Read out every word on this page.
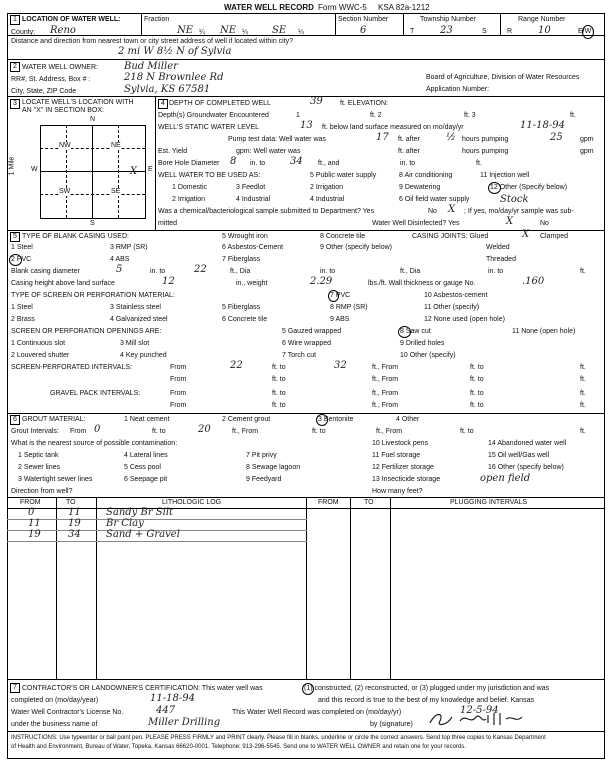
WATER WELL RECORD Form WWC-5 KSA 82a-1212
1 LOCATION OF WATER WELL:
County: Reno
Fraction
NE ¼ NE ¼ SE ¼
Section Number
6
Township Number
T	23	S
Range Number
R	10	E/W
Distance and direction from nearest town or city street address of well if located within city?
2 mi W 8½ N of Sylvia
2 WATER WELL OWNER:	Bud Miller
RR#, St. Address, Box # :	218 N Brownlee Rd	Board of Agriculture, Division of Water Resources
City, State, ZIP Code	Sylvia, KS 67581	Application Number:
3 LOCATE WELL'S LOCATION WITH
AN "X" IN SECTION BOX:
N
S
W	E
1 Mile
NW	NE
SW	SE
X
4 DEPTH OF COMPLETED WELL	39 ft. ELEVATION:
Depth(s) Groundwater Encountered	1	ft. 2	ft. 3	ft.
WELL'S STATIC WATER LEVEL	13 ft. below land surface measured on mo/day/yr	11-18-94
Pump test data: Well water was	17 ft. after	½ hours pumping	25 gpm
Est. Yield	gpm: Well water was	ft. after	hours pumping	gpm
Bore Hole Diameter 8 in. to 34 ft., and	in. to	ft.
WELL WATER TO BE USED AS:	5 Public water supply	8 Air conditioning	11 Injection well
1 Domestic	3 Feedlot	2 Irrigation	9 Dewatering	12 Other (Specify below)
4 Industrial	6 Oil field water supply
2 Irrigation	4 Industrial	Stock
Was a chemical/bacteriological sample submitted to Department? Yes	No X ; If yes, mo/day/yr sample was sub-
mitted	Water Well Disinfected? Yes	X	No
5 TYPE OF BLANK CASING USED:	5 Wrought iron	8 Concrete tile	CASING JOINTS: Glued	X Clamped
1 Steel	3 RMP (SR)	6 Asbestos-Cement	9 Other (specify below)	Welded
2 PVC	4 ABS	7 Fiberglass	Threaded
Blank casing diameter	5	in. to	22	ft., Dia	in. to	ft., Dia	in. to	ft.
Casing height above land surface	12	in., weight	2.29	lbs./ft. Wall thickness or gauge No.	.160
TYPE OF SCREEN OR PERFORATION MATERIAL:	7 PVC	10 Asbestos-cement
1 Steel	3 Stainless steel	5 Fiberglass	8 RMP (SR)	11 Other (specify)
2 Brass	4 Galvanized steel	6 Concrete tile	9 ABS	12 None used (open hole)
SCREEN OR PERFORATION OPENINGS ARE:	5 Gauzed wrapped	8 Saw cut	11 None (open hole)
1 Continuous slot	3 Mill slot	6 Wire wrapped	9 Drilled holes
2 Louvered shutter	4 Key punched	7 Torch cut	10 Other (specify)
SCREEN-PERFORATED INTERVALS:	From	22	ft. to	32	ft., From	ft. to	ft.
From	ft. to	ft., From	ft. to	ft.
GRAVEL PACK INTERVALS:	From	ft. to	ft., From	ft. to	ft.
From	ft. to	ft., From	ft. to	ft.
6 GROUT MATERIAL:	1 Neat cement	2 Cement grout	3 Bentonite	4 Other
Grout Intervals: From 0	ft. to	20	ft., From	ft. to	ft., From	ft. to	ft.
What is the nearest source of possible contamination:	10 Livestock pens	14 Abandoned water well
1 Septic tank	4 Lateral lines	7 Pit privy	11 Fuel storage	15 Oil well/Gas well
2 Sewer lines	5 Cess pool	8 Sewage lagoon	12 Fertilizer storage	16 Other (specify below)
3 Watertight sewer lines	6 Seepage pit	9 Feedyard	13 Insecticide storage	open field
Direction from well?	How many feet?
FROM	TO	LITHOLOGIC LOG	FROM	TO	PLUGGING INTERVALS
0	11	Sandy Br Silt
11	19	Br Clay
19	34	Sand + Gravel
7 CONTRACTOR'S OR LANDOWNER'S CERTIFICATION: This water well was	(1) constructed, (2) reconstructed, or (3) plugged under my jurisdiction and was
completed on (mo/day/year)	11-18-94	and this record is true to the best of my knowledge and belief. Kansas
Water Well Contractor's License No.	447	This Water Well Record was completed on (mo/day/yr)	12-5-94
under the business name of	Miller Drilling	by (signature)
INSTRUCTIONS: Use typewriter or ball point pen. PLEASE PRESS FIRMLY and PRINT clearly. Please fill in blanks, underline or circle the correct answers. Send top three copies to Kansas Department
of Health and Environment, Bureau of Water, Topeka, Kansas 66620-0001. Telephone: 913-296-5545. Send one to WATER WELL OWNER and retain one for your records.
